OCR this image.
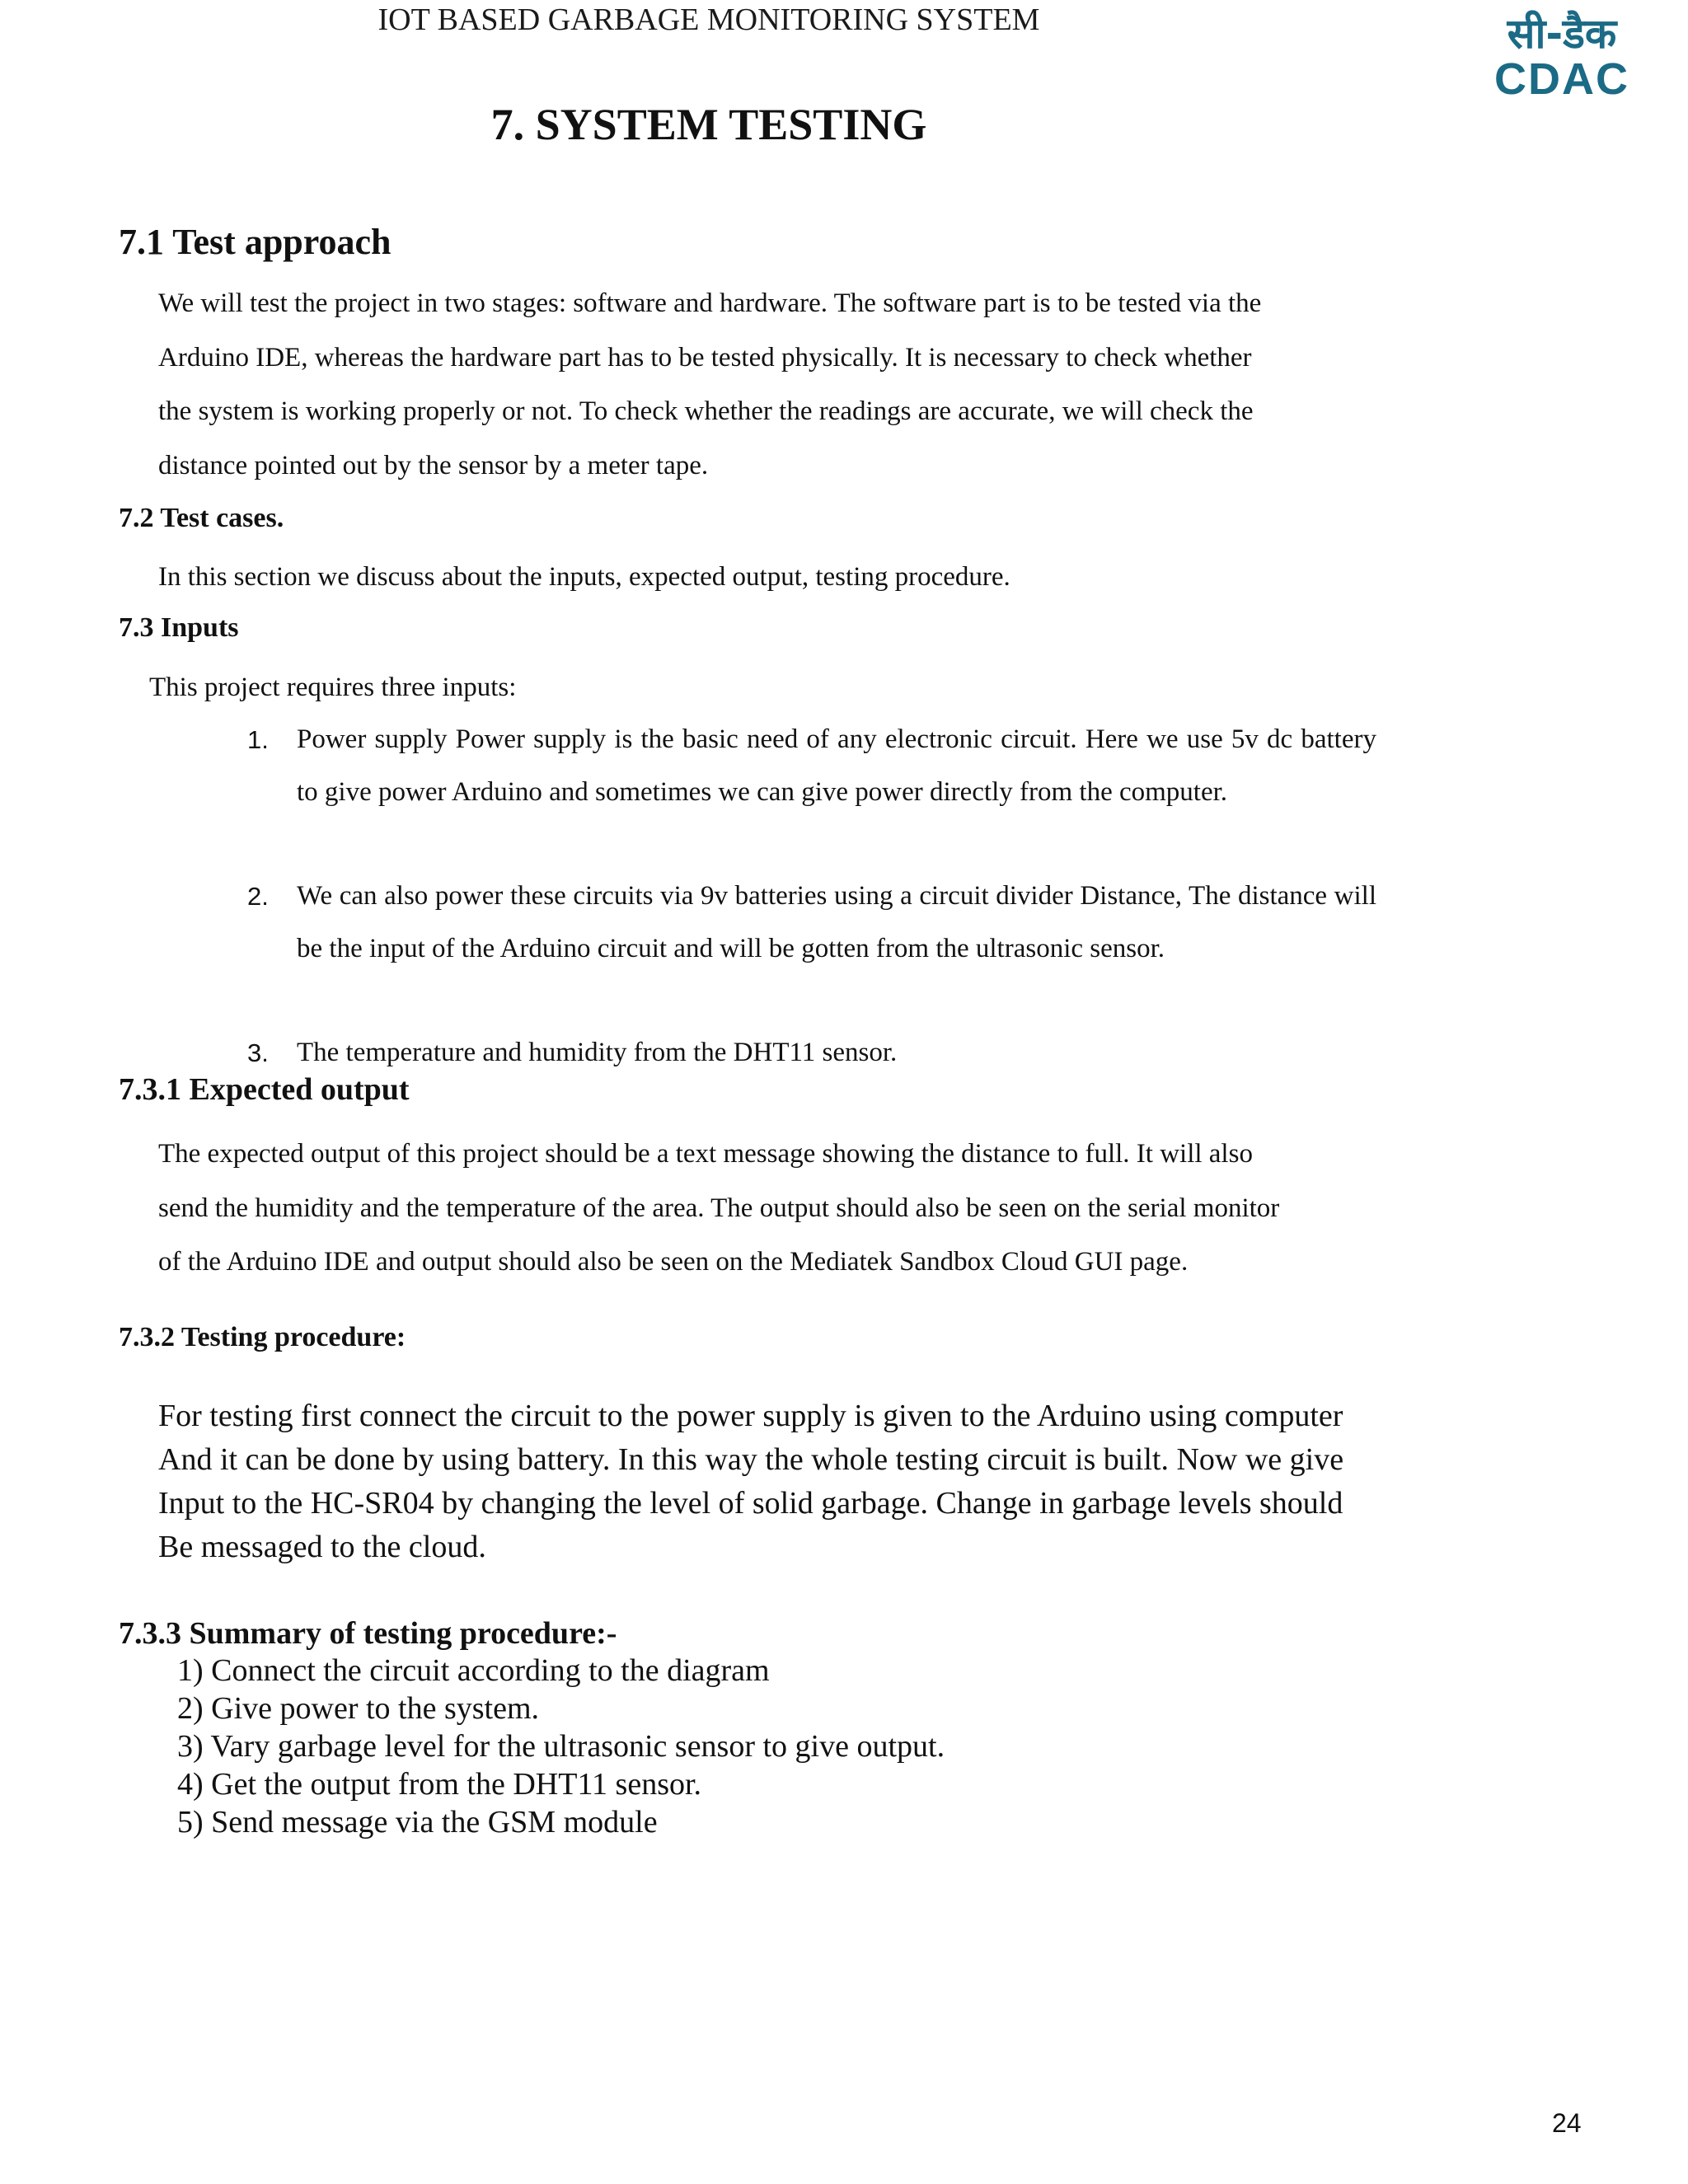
IOT BASED GARBAGE MONITORING SYSTEM	सी-डैक
CDAC
7. SYSTEM TESTING
7.1 Test approach
We will test the project in two stages: software and hardware. The software part is to be tested via the
Arduino IDE, whereas the hardware part has to be tested physically. It is necessary to check whether
the system is working properly or not. To check whether the readings are accurate, we will check the
distance pointed out by the sensor by a meter tape.
7.2 Test cases.
In this section we discuss about the inputs, expected output, testing procedure.
7.3 Inputs
This project requires three inputs:
1. Power supply Power supply is the basic need of any electronic circuit. Here we use 5v dc battery to give power Arduino and sometimes we can give power directly from the computer.
2. We can also power these circuits via 9v batteries using a circuit divider Distance, The distance will be the input of the Arduino circuit and will be gotten from the ultrasonic sensor.
3. The temperature and humidity from the DHT11 sensor.
7.3.1 Expected output
The expected output of this project should be a text message showing the distance to full. It will also
send the humidity and the temperature of the area. The output should also be seen on the serial monitor
of the Arduino IDE and output should also be seen on the Mediatek Sandbox Cloud GUI page.
7.3.2 Testing procedure:
For testing first connect the circuit to the power supply is given to the Arduino using computer
And it can be done by using battery. In this way the whole testing circuit is built. Now we give
Input to the HC-SR04 by changing the level of solid garbage. Change in garbage levels should
Be messaged to the cloud.
7.3.3 Summary of testing procedure:-
1) Connect the circuit according to the diagram
2) Give power to the system.
3) Vary garbage level for the ultrasonic sensor to give output.
4) Get the output from the DHT11 sensor.
5) Send message via the GSM module
24
